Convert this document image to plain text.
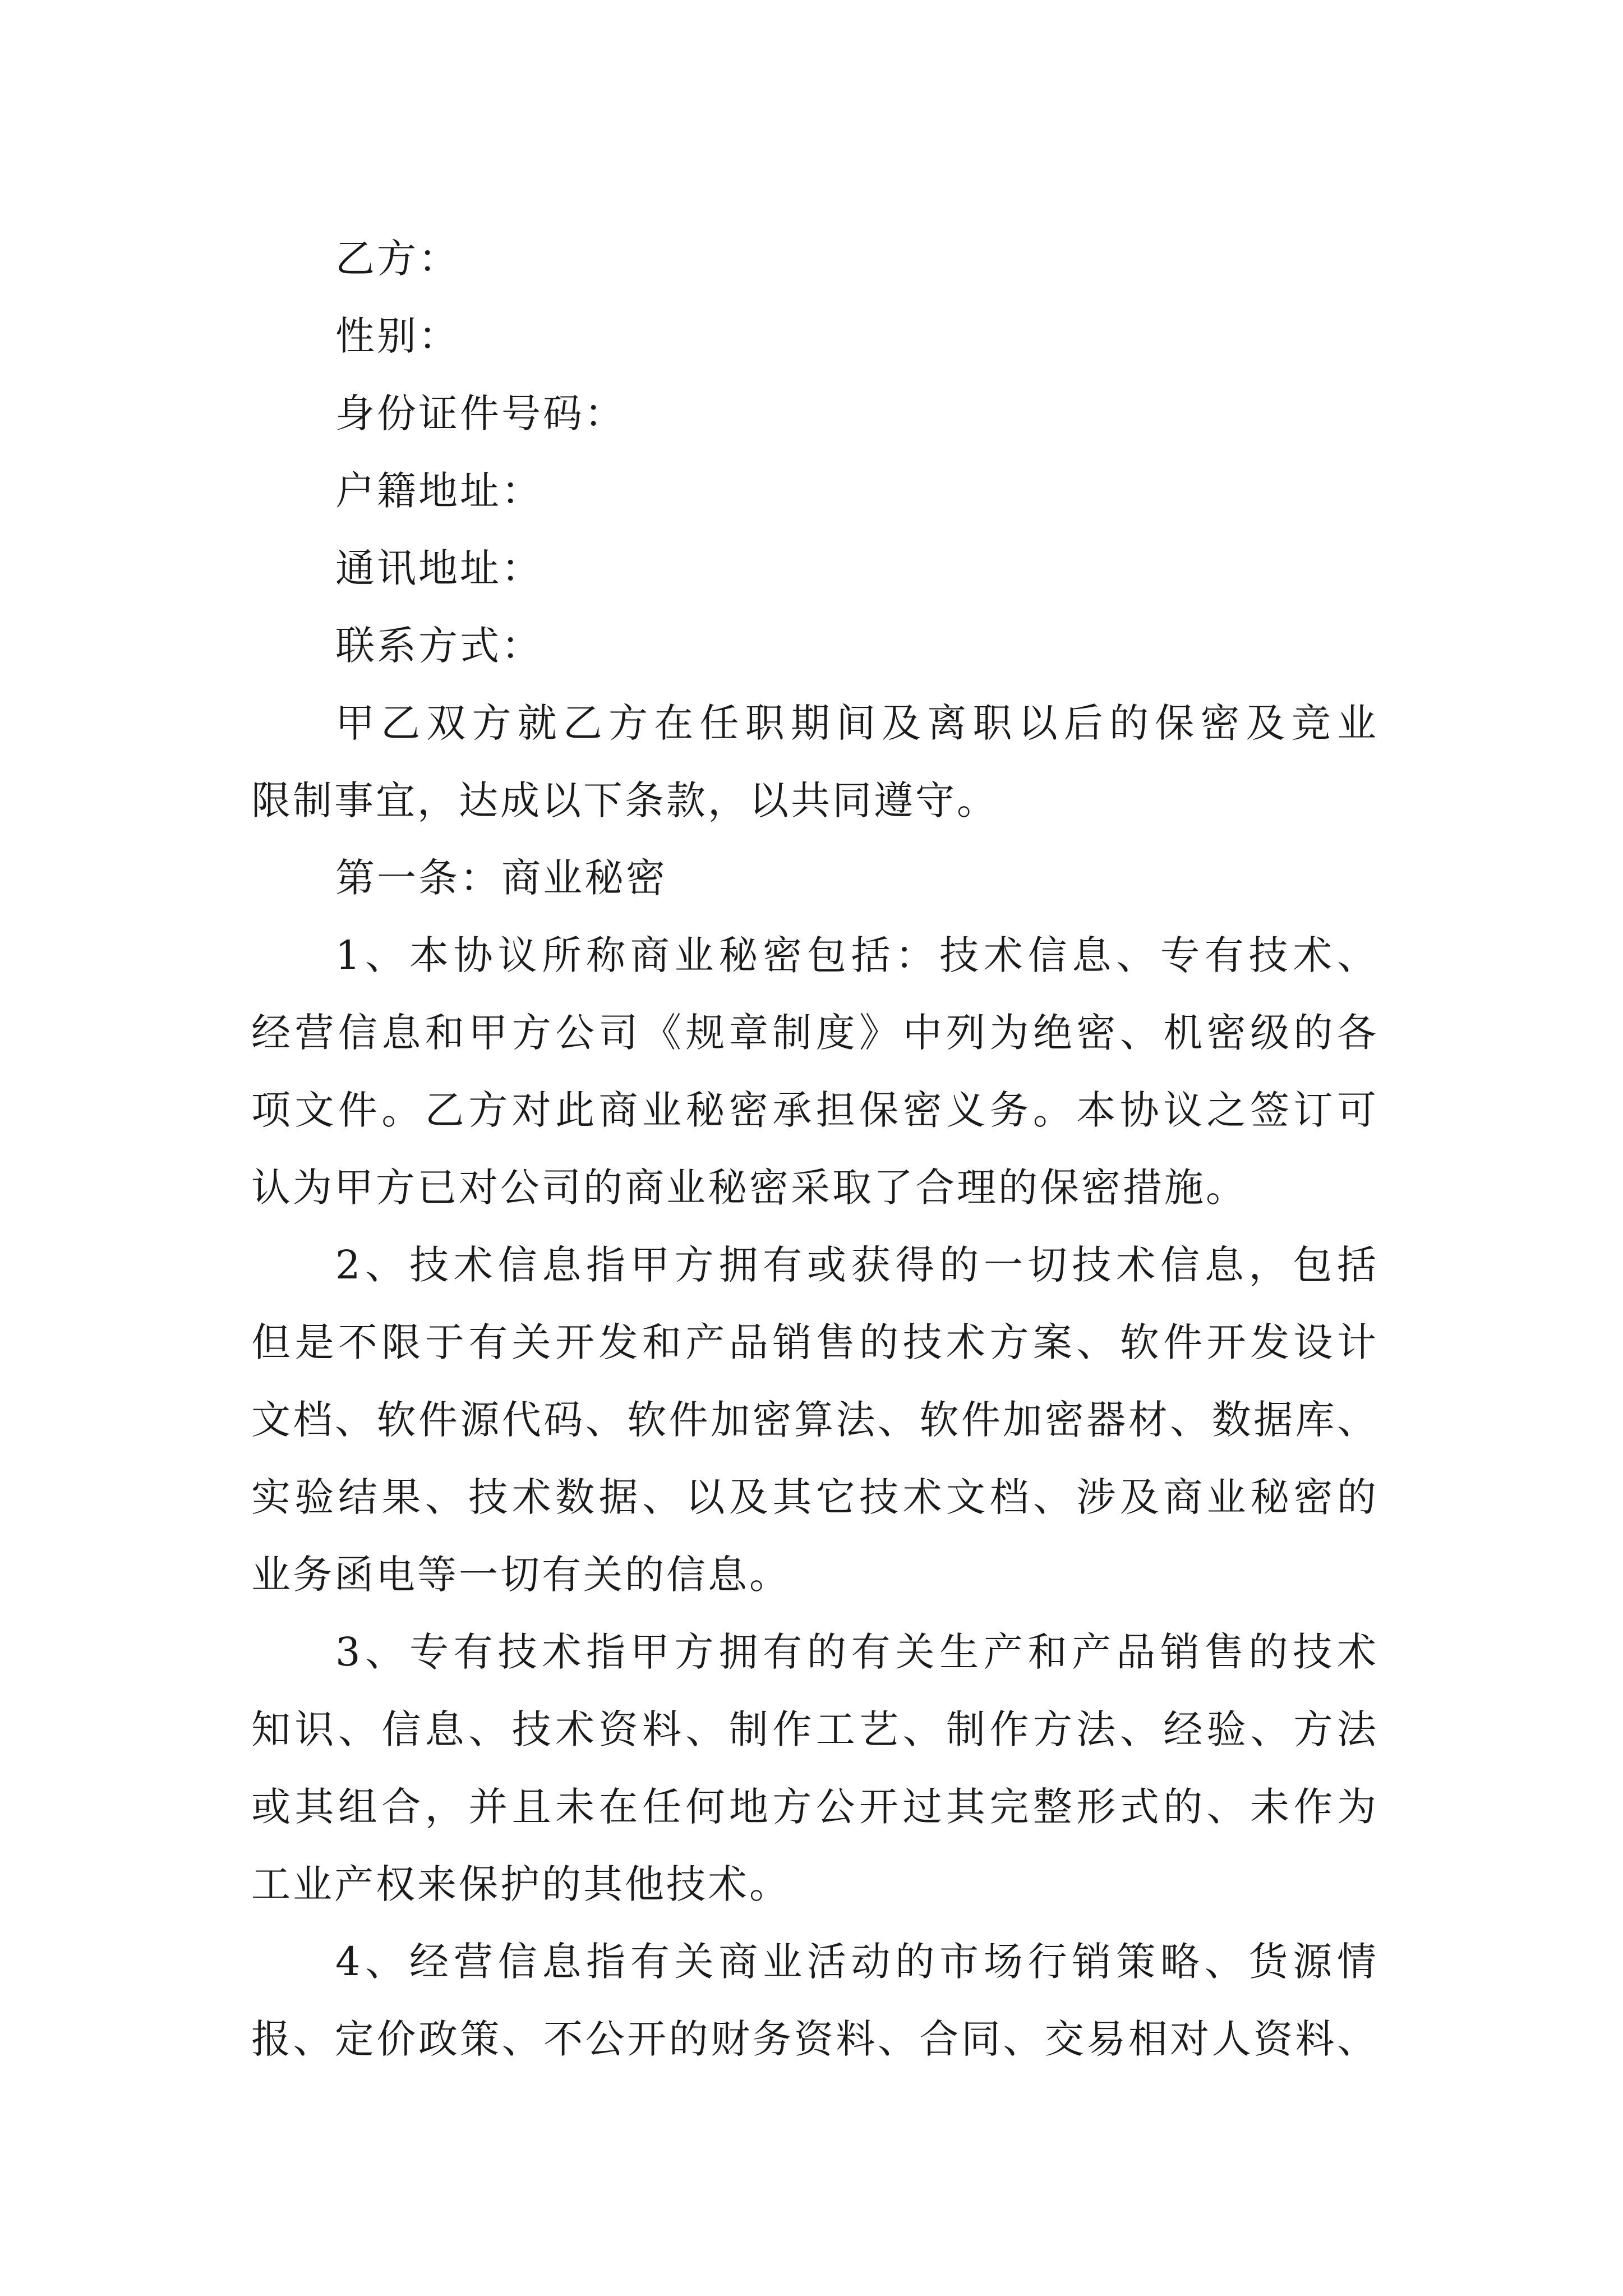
乙方：

性别：

身份证件号码：

户籍地址：

通讯地址：

联系方式：

甲乙双方就乙方在任职期间及离职以后的保密及竞业

限制事宜，达成以下条款，以共同遵守。

第一条：商业秘密

1、本协议所称商业秘密包括：技术信息、专有技术、

经营信息和甲方公司《规章制度》中列为绝密、机密级的各

项文件。乙方对此商业秘密承担保密义务。本协议之签订可

认为甲方已对公司的商业秘密采取了合理的保密措施。

2、技术信息指甲方拥有或获得的一切技术信息，包括

但是不限于有关开发和产品销售的技术方案、软件开发设计

文档、软件源代码、软件加密算法、软件加密器材、数据库、

实验结果、技术数据、以及其它技术文档、涉及商业秘密的

业务函电等一切有关的信息。

3、专有技术指甲方拥有的有关生产和产品销售的技术

知识、信息、技术资料、制作工艺、制作方法、经验、方法

或其组合，并且未在任何地方公开过其完整形式的、未作为

工业产权来保护的其他技术。

4、经营信息指有关商业活动的市场行销策略、货源情

报、定价政策、不公开的财务资料、合同、交易相对人资料、
